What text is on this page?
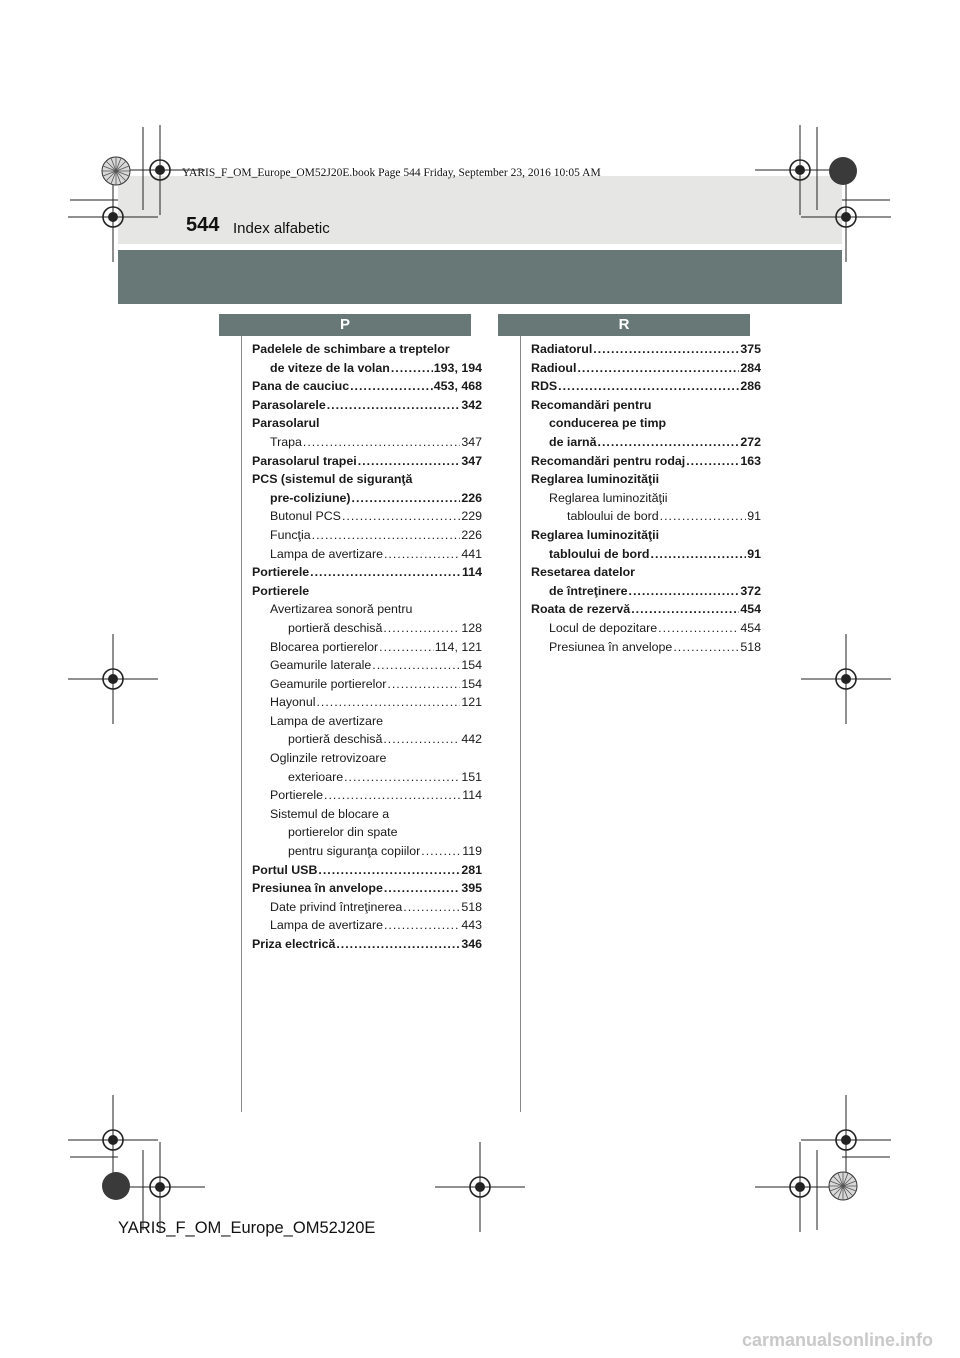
YARIS_F_OM_Europe_OM52J20E.book Page 544 Friday, September 23, 2016 10:05 AM
544 Index alfabetic
P	R
Padelele de schimbare a treptelor
de viteze de la volan .....	193, 194
Pana de cauciuc .....	453, 468
Parasolarele .....	342
Parasolarul
Trapa .....	347
Parasolarul trapei .....	347
PCS (sistemul de siguranţă
pre-coliziune) .....	226
Butonul PCS .....	229
Funcţia .....	226
Lampa de avertizare .....	441
Portierele .....	114
Portierele
Avertizarea sonoră pentru
portieră deschisă .....	128
Blocarea portierelor .....	114, 121
Geamurile laterale .....	154
Geamurile portierelor .....	154
Hayonul .....	121
Lampa de avertizare
portieră deschisă .....	442
Oglinzile retrovizoare
exterioare .....	151
Portierele .....	114
Sistemul de blocare a
portierelor din spate
pentru siguranţa copiilor .....	119
Portul USB .....	281
Presiunea în anvelope .....	395
Date privind întreţinerea .....	518
Lampa de avertizare .....	443
Priza electrică .....	346
Radiatorul .....	375
Radioul .....	284
RDS .....	286
Recomandări pentru
conducerea pe timp
de iarnă .....	272
Recomandări pentru rodaj .....	163
Reglarea luminozităţii
Reglarea luminozităţii
tabloului de bord .....	91
Reglarea luminozităţii
tabloului de bord .....	91
Resetarea datelor
de întreţinere .....	372
Roata de rezervă .....	454
Locul de depozitare .....	454
Presiunea în anvelope .....	518
YARIS_F_OM_Europe_OM52J20E
carmanualsonline.info
